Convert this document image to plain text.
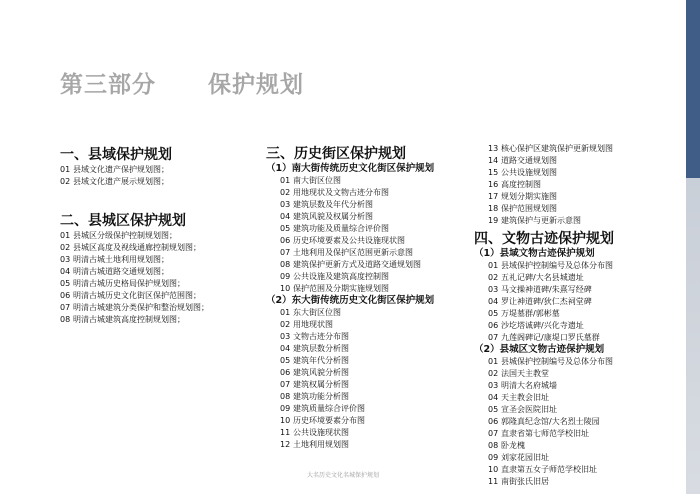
第三部分 保护规划
一、县域保护规划
01 县域文化遗产保护规划图；
02 县域文化遗产展示规划图；
二、县城区保护规划
01 县城区分级保护控制规划图；
02 县城区高度及视线通廊控制规划图；
03 明清古城土地利用规划图；
04 明清古城道路交通规划图；
05 明清古城历史格局保护规划图；
06 明清古城历史文化街区保护范围图；
07 明清古城建筑分类保护和整治规划图；
08 明清古城建筑高度控制规划图；
三、历史街区保护规划
（1）南大街传统历史文化街区保护规划
01 南大街区位图
02 用地现状及文物古迹分布图
03 建筑层数及年代分析图
04 建筑风貌及权属分析图
05 建筑功能及质量综合评价图
06 历史环境要素及公共设施现状图
07 土地利用及保护区范围更新示意图
08 建筑保护更新方式及道路交通规划图
09 公共设施及建筑高度控制图
10 保护范围及分期实施规划图
（2）东大街传统历史文化街区保护规划
01 东大街区位图
02 用地现状图
03 文物古迹分布图
04 建筑层数分析图
05 建筑年代分析图
06 建筑风貌分析图
07 建筑权属分析图
08 建筑功能分析图
09 建筑质量综合评价图
10 历史环境要素分布图
11 公共设施现状图
12 土地利用规划图
13 核心保护区建筑保护更新规划图
14 道路交通规划图
15 公共设施规划图
16 高度控制图
17 规划分期实施图
18 保护范围规划图
19 建筑保护与更新示意图
四、文物古迹保护规划
（1）县域文物古迹保护规划
01 县域保护控制编号及总体分布图
02 五礼记碑/大名县城遗址
03 马文操神道碑/朱熹写经碑
04 罗让神道碑/狄仁杰祠堂碑
05 万堤墓群/郭彬墓
06 沙圪塔诚碑/兴化寺遗址
07 九莲阁碑记/康堤口罗氏墓群
（2）县城区文物古迹保护规划
01 县城保护控制编号及总体分布图
02 法国天主教堂
03 明清大名府城墙
04 天主教会旧址
05 宣圣会医院旧址
06 郭隆真纪念馆/大名烈士陵园
07 直隶省第七师范学校旧址
08 卧龙槐
09 刘家花园旧址
10 直隶第五女子师范学校旧址
11 南街张氏旧居
大名历史文化名城保护规划
